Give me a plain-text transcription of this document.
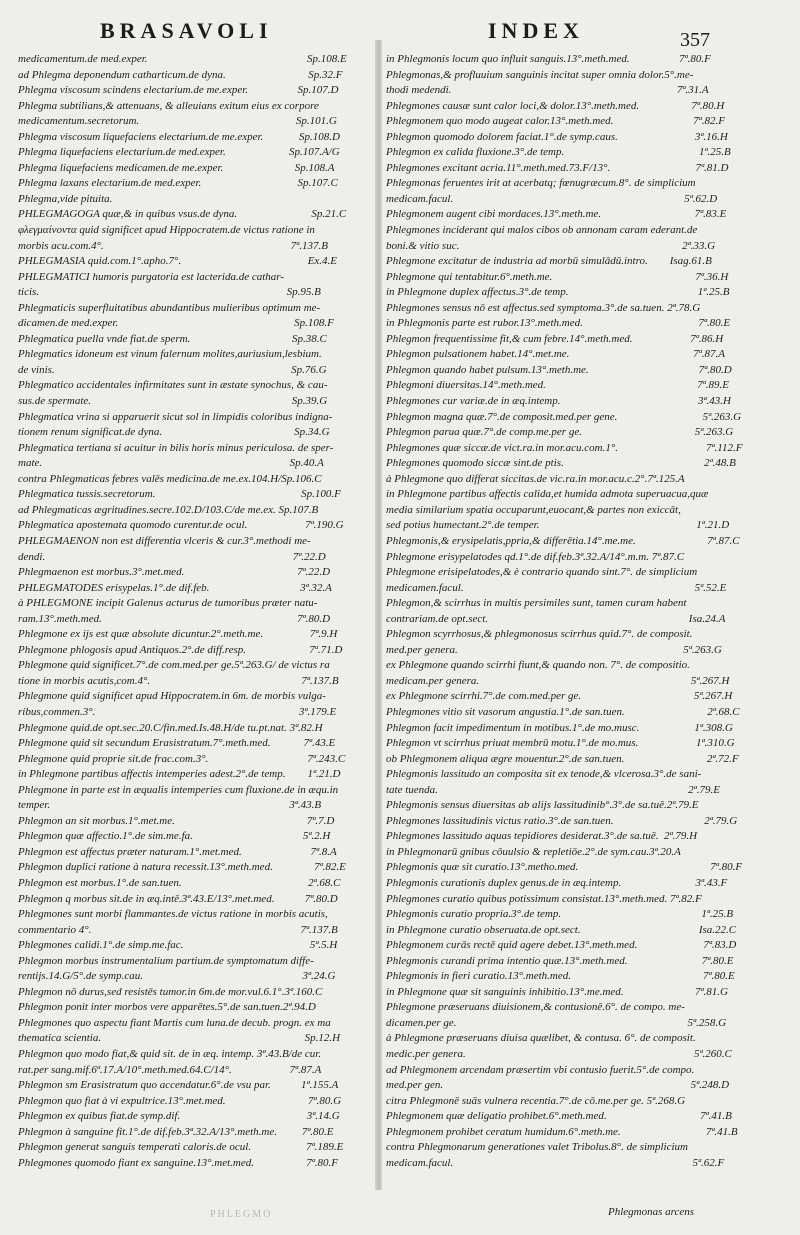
BRASAVOLI	INDEX	357
medicamentum.de med.exper.                                                          Sp.108.E
ad Phlegma deponendum catharticum.de dyna.                              Sp.32.F
Phlegma viscosum scindens electarium.de me.exper.                  Sp.107.D
Phlegma subtilians,& attenuans, & alleuians exitum eius ex corpore
medicamentum.secretorum.                                                         Sp.101.G
Phlegma viscosum liquefaciens electarium.de me.exper.             Sp.108.D
Phlegma liquefaciens electarium.de med.exper.                       Sp.107.A/G
Phlegma liquefaciens medicamen.de me.exper.                          Sp.108.A
Phlegma laxans electarium.de med.exper.                                   Sp.107.C
Phlegma,vide pituita.
PHLEGMAGOGA quæ,& in quibus vsus.de dyna.                           Sp.21.C
φλεγμαίνοντα quid significet apud Hippocratem.de victus ratione in
morbis acu.com.4°.                                                                    7ª.137.B
PHLEGMASIA quid.com.1°.apho.7°.                                              Ex.4.E
PHLEGMATICI humoris purgatoria est lacterida.de cathar-
ticis.                                                                                          Sp.95.B
Phlegmaticis superfluitatibus abundantibus mulieribus optimum me-
dicamen.de med.exper.                                                                Sp.108.F
Phlegmatica puella vnde fiat.de sperm.                                     Sp.38.C
Phlegmatics idoneum est vinum falernum molites,auriusium,lesbium.
de vinis.                                                                                      Sp.76.G
Phlegmatico accidentales infirmitates sunt in æstate synochus, & cau-
sus.de spermate.                                                                         Sp.39.G
Phlegmatica vrina si apparuerit sicut sol in limpidis coloribus indigna-
tionem renum significat.de dyna.                                                Sp.34.G
Phlegmatica tertiana si acuitur in bilis horis minus periculosa. de sper-
mate.                                                                                          Sp.40.A
contra Phlegmaticas febres valēs medicina.de me.ex.104.H/Sp.106.C
Phlegmatica tussis.secretorum.                                                     Sp.100.F
ad Phlegmaticas ægritudines.secre.102.D/103.C/de me.ex. Sp.107.B
Phlegmatica apostemata quomodo curentur.de ocul.                     7ª.190.G
PHLEGMAENON non est differentia vlceris & cur.3°.methodi me-
dendi.                                                                                          7ª.22.D
Phlegmaenon est morbus.3°.met.med.                                         7ª.22.D
PHLEGMATODES erisypelas.1°.de dif.feb.                                 3ª.32.A
à PHLEGMONE incipit Galenus acturus de tumoribus præter natu-
ram.13°.meth.med.                                                                       7ª.80.D
Phlegmone ex ijs est quæ absolute dicuntur.2°.meth.me.                 7ª.9.H
Phlegmone phlogosis apud Antiquos.2°.de diff.resp.                       7ª.71.D
Phlegmone quid significet.7°.de com.med.per ge.5ª.263.G/ de victus ra
tione in morbis acutis,com.4°.                                                       7ª.137.B
Phlegmone quid significet apud Hippocratem.in 6m. de morbis vulga-
ribus,commen.3°.                                                                          3ª.179.E
Phlegmone quid.de opt.sec.20.C/fin.med.Is.48.H/de tu.pt.nat. 3ª.82.H
Phlegmone quid sit secundum Erasistratum.7°.meth.med.            7ª.43.E
Phlegmone quid proprie sit.de frac.com.3°.                                    7ª.243.C
in Phlegmone partibus affectis intemperies adest.2°.de temp.        1ª.21.D
Phlegmone in parte est in æqualis intemperies cum fluxione.de in æqu.in
temper.                                                                                       3ª.43.B
Phlegmon an sit morbus.1°.met.me.                                                7ª.7.D
Phlegmon quæ affectio.1°.de sim.me.fa.                                        5ª.2.H
Phlegmon est affectus præter naturam.1°.met.med.                         7ª.8.A
Phlegmon duplici ratione à natura recessit.13°.meth.med.               7ª.82.E
Phlegmon est morbus.1°.de san.tuen.                                              2ª.68.C
Phlegmon q morbus sit.de in æq.intē.3ª.43.E/13°.met.med.           7ª.80.D
Phlegmones sunt morbi flammantes.de victus ratione in morbis acutis,
commentario 4°.                                                                            7ª.137.B
Phlegmones calidi.1°.de simp.me.fac.                                              5ª.5.H
Phlegmon morbus instrumentalium partium.de symptomatum diffe-
rentijs.14.G/5°.de symp.cau.                                                          3ª.24.G
Phlegmon nō durus,sed resistēs tumor.in 6m.de mor.vul.6.1°.3ª.160.C
Phlegmon ponit inter morbos vere apparētes.5°.de san.tuen.2ª.94.D
Phlegmones quo aspectu fiant Martis cum luna.de decub. progn. ex ma
thematica scientia.                                                                          Sp.12.H
Phlegmon quo modo fiat,& quid sit. de in æq. intemp. 3ª.43.B/de cur.
rat.per sang.mif.6ª.17.A/10°.meth.med.64.C/14°.                     7ª.87.A
Phlegmon sm Erasistratum quo accendatur.6°.de vsu par.           1ª.155.A
Phlegmon quo fiat à vi expultrice.13°.met.med.                              7ª.80.G
Phlegmon ex quibus fiat.de symp.dif.                                              3ª.14.G
Phlegmon à sanguine fit.1°.de dif.feb.3ª.32.A/13°.meth.me.         7ª.80.E
Phlegmon generat sanguis temperati caloris.de ocul.                    7ª.189.E
Phlegmones quomodo fiant ex sanguine.13°.met.med.                   7ª.80.F
in Phlegmonis locum quo influit sanguis.13°.meth.med.                  7ª.80.F
Phlegmonas,& profluuium sanguinis incitat super omnia dolor.5°.me-
thodi medendi.                                                                                  7ª.31.A
Phlegmones causæ sunt calor loci,& dolor.13°.meth.med.                   7ª.80.H
Phlegmonem quo modo augeat calor.13°.meth.med.                             7ª.82.F
Phlegmon quomodo dolorem faciat.1°.de symp.caus.                            3ª.16.H
Phlegmon ex calida fluxione.3°.de temp.                                                 1ª.25.B
Phlegmones excitant acria.11°.meth.med.73.F/13°.                               7ª.81.D
Phlegmonas feruentes irit at acerbatq; fœnugræcum.8°. de simplicium
medicam.facul.                                                                                    5ª.62.D
Phlegmonem augent cibi mordaces.13°.meth.me.                                  7ª.83.E
Phlegmones inciderant qui malos cibos ob annonam caram ederant.de
boni.& vitio suc.                                                                                 2ª.33.G
Phlegmone excitatur de industria ad morbū simulādū.intro.        Isag.61.B
Phlegmone qui tentabitur.6°.meth.me.                                                    7ª.36.H
in Phlegmone duplex affectus.3°.de temp.                                               1ª.25.B
Phlegmones sensus nō est affectus.sed symptoma.3°.de sa.tuen. 2ª.78.G
in Phlegmonis parte est rubor.13°.meth.med.                                          7ª.80.E
Phlegmon frequentissime fit,& cum febre.14°.meth.med.                     7ª.86.H
Phlegmon pulsationem habet.14°.met.me.                                             7ª.87.A
Phlegmon quando habet pulsum.13°.meth.me.                                        7ª.80.D
Phlegmoni diuersitas.14°.meth.med.                                                       7ª.89.E
Phlegmones cur variæ.de in æq.intemp.                                                  3ª.43.H
Phlegmon magna quæ.7°.de composit.med.per gene.                               5ª.263.G
Phlegmon parua quæ.7°.de comp.me.per ge.                                         5ª.263.G
Phlegmones quæ siccæ.de vict.ra.in mor.acu.com.1°.                                7ª.112.F
Phlegmones quomodo siccæ sint.de ptis.                                                   2ª.48.B
à Phlegmone quo differat siccitas.de vic.ra.in mor.acu.c.2°.7ª.125.A
in Phlegmone partibus affectis calida,et humida admota superuacua,quæ
media similarium spatia occuparunt,euocant,& partes non exiccāt,
sed potius humectant.2°.de temper.                                                         1ª.21.D
Phlegmonis,& erysipelatis,ppria,& differētia.14°.me.me.                          7ª.87.C
Phlegmone erisypelatodes qd.1°.de dif.feb.3ª.32.A/14°.m.m. 7ª.87.C
Phlegmone erisipelatodes,& è contrario quando sint.7°. de simplicium
medicamen.facul.                                                                                    5ª.52.E
Phlegmon,& scirrhus in multis persimiles sunt, tamen curam habent
contrariam.de opt.sect.                                                                         Isa.24.A
Phlegmon scyrrhosus,& phlegmonosus scirrhus quid.7°. de composit.
med.per genera.                                                                                  5ª.263.G
ex Phlegmone quando scirrhi fiunt,& quando non. 7°. de compositio.
medicam.per genera.                                                                             5ª.267.H
ex Phlegmone scirrhi.7°.de com.med.per ge.                                         5ª.267.H
Phlegmones vitio sit vasorum angustia.1°.de san.tuen.                              2ª.68.C
Phlegmon facit impedimentum in motibus.1°.de mo.musc.                    1ª.308.G
Phlegmon vt scirrhus priuat membrū motu.1°.de mo.mus.                     1ª.310.G
ob Phlegmonem aliqua ægre mouentur.2°.de san.tuen.                              2ª.72.F
Phlegmonis lassitudo an composita sit ex tenode,& vlcerosa.3°.de sani-
tate tuenda.                                                                                           2ª.79.E
Phlegmonis sensus diuersitas ab alijs lassitudinib°.3°.de sa.tuē.2ª.79.E
Phlegmones lassitudinis victus ratio.3°.de san.tuen.                                 2ª.79.G
Phlegmones lassitudo aquas tepidiores desiderat.3°.de sa.tuē.  2ª.79.H
in Phlegmonarū gnibus cōuulsio & repletiōe.2°.de sym.cau.3ª.20.A
Phlegmonis quæ sit curatio.13°.metho.med.                                                7ª.80.F
Phlegmonis curationis duplex genus.de in æq.intemp.                           3ª.43.F
Phlegmones curatio quibus potissimum consistat.13°.meth.med. 7ª.82.F
Phlegmonis curatio propria.3°.de temp.                                                   1ª.25.B
in Phlegmone curatio obseruata.de opt.sect.                                           Isa.22.C
Phlegmonem curās rectē quid agere debet.13°.meth.med.                        7ª.83.D
Phlegmonis curandi prima intentio quæ.13°.meth.med.                           7ª.80.E
Phlegmonis in fieri curatio.13°.meth.med.                                                7ª.80.E
in Phlegmone quæ sit sanguinis inhibitio.13°.me.med.                          7ª.81.G
Phlegmone præseruans diuisionem,& contusionē.6°. de compo. me-
dicamen.per ge.                                                                                    5ª.258.G
à Phlegmone præseruans diuisa quælibet, & contusa. 6°. de composit.
medic.per genera.                                                                                   5ª.260.C
ad Phlegmonem arcendam præsertim vbi contusio fuerit.5°.de compo.
med.per gen.                                                                                          5ª.248.D
citra Phlegmonē suās vulnera recentia.7°.de cō.me.per ge. 5ª.268.G
Phlegmonem quæ deligatio prohibet.6°.meth.med.                                  7ª.41.B
Phlegmonem prohibet ceratum humidum.6°.meth.me.                               7ª.41.B
contra Phlegmonarum generationes valet Tribolus.8°. de simplicium
medicam.facul.                                                                                       5ª.62.F
PHLEGMO	Phlegmonas arcens
